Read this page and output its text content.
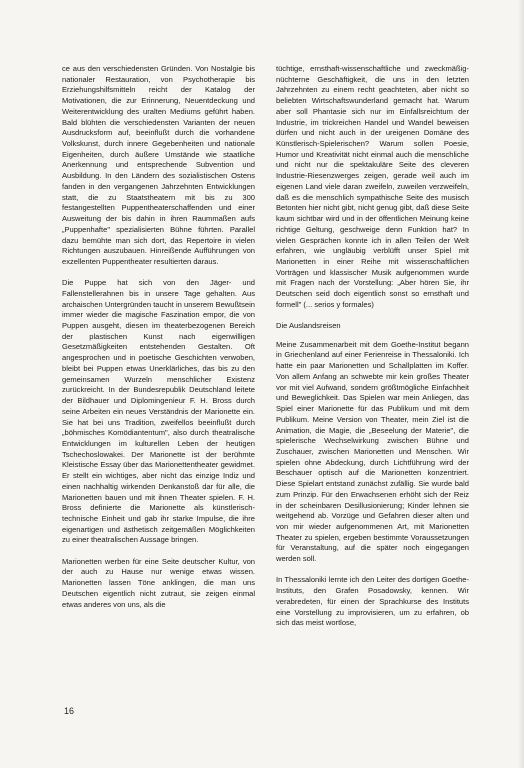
ce aus den verschiedensten Gründen. Von Nostalgie bis nationaler Restauration, von Psychotherapie bis Erziehungshilfsmitteln reicht der Katalog der Motivationen, die zur Erinnerung, Neuentdeckung und Weiterentwicklung des uralten Mediums geführt haben. Bald blühten die verschiedensten Varianten der neuen Ausdrucksform auf, beeinflußt durch die vorhandene Volkskunst, durch innere Gegebenheiten und nationale Eigenheiten, durch äußere Umstände wie staatliche Anerkennung und entsprechende Subvention und Ausbildung. In den Ländern des sozialistischen Ostens fanden in den vergangenen Jahrzehnten Entwicklungen statt, die zu Staatstheatern mit bis zu 300 festangestellten Puppentheaterschaffenden und einer Ausweitung der bis dahin in ihren Raummaßen aufs „Puppenhafte" spezialisierten Bühne führten. Parallel dazu bemühte man sich dort, das Repertoire in vielen Richtungen auszubauen. Hinreißende Aufführungen von exzellenten Puppentheater resultierten daraus.

Die Puppe hat sich von den Jäger- und Fallenstellerahnen bis in unsere Tage gehalten. Aus archaischen Untergründen taucht in unserem Bewußtsein immer wieder die magische Faszination empor, die von Puppen ausgeht, diesen im theaterbezogenen Bereich der plastischen Kunst nach eigenwilligen Gesetzmäßigkeiten entstehenden Gestalten. Oft angesprochen und in poetische Geschichten verwoben, bleibt bei Puppen etwas Unerklärliches, das bis zu den gemeinsamen Wurzeln menschlicher Existenz zurückreicht. In der Bundesrepublik Deutschland leitete der Bildhauer und Diplomingenieur F. H. Bross durch seine Arbeiten ein neues Verständnis der Marionette ein. Sie hat bei uns Tradition, zweifellos beeinflußt durch „böhmisches Komödiantentum", also durch theatralische Entwicklungen im kulturellen Leben der heutigen Tschechoslowakei. Der Marionette ist der berühmte Kleistische Essay über das Marionettentheater gewidmet. Er stellt ein wichtiges, aber nicht das einzige Indiz und einen nachhaltig wirkenden Denkanstoß dar für alle, die Marionetten bauen und mit ihnen Theater spielen. F. H. Bross definierte die Marionette als künstlerisch-technische Einheit und gab ihr starke Impulse, die ihre eigenartigen und ästhetisch zeitgemäßen Möglichkeiten zu einer theatralischen Aussage bringen.

Marionetten werben für eine Seite deutscher Kultur, von der auch zu Hause nur wenige etwas wissen. Marionetten lassen Töne anklingen, die man uns Deutschen eigentlich nicht zutraut, sie zeigen einmal etwas anderes von uns, als die

tüchtige, ernsthaft-wissenschaftliche und zweckmäßig-nüchterne Geschäftigkeit, die uns in den letzten Jahrzehnten zu einem recht geachteten, aber nicht so beliebten Wirtschaftswunderland gemacht hat. Warum aber soll Phantasie sich nur im Einfallsreichtum der Industrie, im trickreichen Handel und Wandel beweisen dürfen und nicht auch in der ureigenen Domäne des Künstlerisch-Spielerischen? Warum sollen Poesie, Humor und Kreativität nicht einmal auch die menschliche und nicht nur die spektakuläre Seite des cleveren Industrie-Riesenzwerges zeigen, gerade weil auch im eigenen Land viele daran zweifeln, zuweilen verzweifeln, daß es die menschlich sympathische Seite des musisch Betonten hier nicht gibt, nicht genug gibt, daß diese Seite kaum sichtbar wird und in der öffentlichen Meinung keine richtige Geltung, geschweige denn Funktion hat? In vielen Gesprächen konnte ich in allen Teilen der Welt erfahren, wie ungläubig verblüfft unser Spiel mit Marionetten in einer Reihe mit wissenschaftlichen Vorträgen und klassischer Musik aufgenommen wurde mit Fragen nach der Vorstellung: „Aber hören Sie, ihr Deutschen seid doch eigentlich sonst so ernsthaft und formell" (... serios y formales)

Die Auslandsreisen

Meine Zusammenarbeit mit dem Goethe-Institut begann in Griechenland auf einer Ferienreise in Thessaloniki. Ich hatte ein paar Marionetten und Schallplatten im Koffer. Von allem Anfang an schwebte mir kein großes Theater vor mit viel Aufwand, sondern größtmögliche Einfachheit und Beweglichkeit. Das Spielen war mein Anliegen, das Spiel einer Marionette für das Publikum und mit dem Publikum. Meine Version von Theater, mein Ziel ist die Animation, die Magie, die „Beseelung der Materie", die spielerische Wechselwirkung zwischen Bühne und Zuschauer, zwischen Marionetten und Menschen. Wir spielen ohne Abdeckung, durch Lichtführung wird der Beschauer optisch auf die Marionetten konzentriert. Diese Spielart entstand zunächst zufällig. Sie wurde bald zum Prinzip. Für den Erwachsenen erhöht sich der Reiz in der scheinbaren Desillusionierung; Kinder lehnen sie weitgehend ab. Vorzüge und Gefahren dieser alten und von mir wieder aufgenommenen Art, mit Marionetten Theater zu spielen, ergeben bestimmte Voraussetzungen für Veranstaltung, auf die später noch eingegangen werden soll.

In Thessaloniki lernte ich den Leiter des dortigen Goethe-Instituts, den Grafen Posadowsky, kennen. Wir verabredeten, für einen der Sprachkurse des Instituts eine Vorstellung zu improvisieren, um zu erfahren, ob sich das meist wortlose,

16
